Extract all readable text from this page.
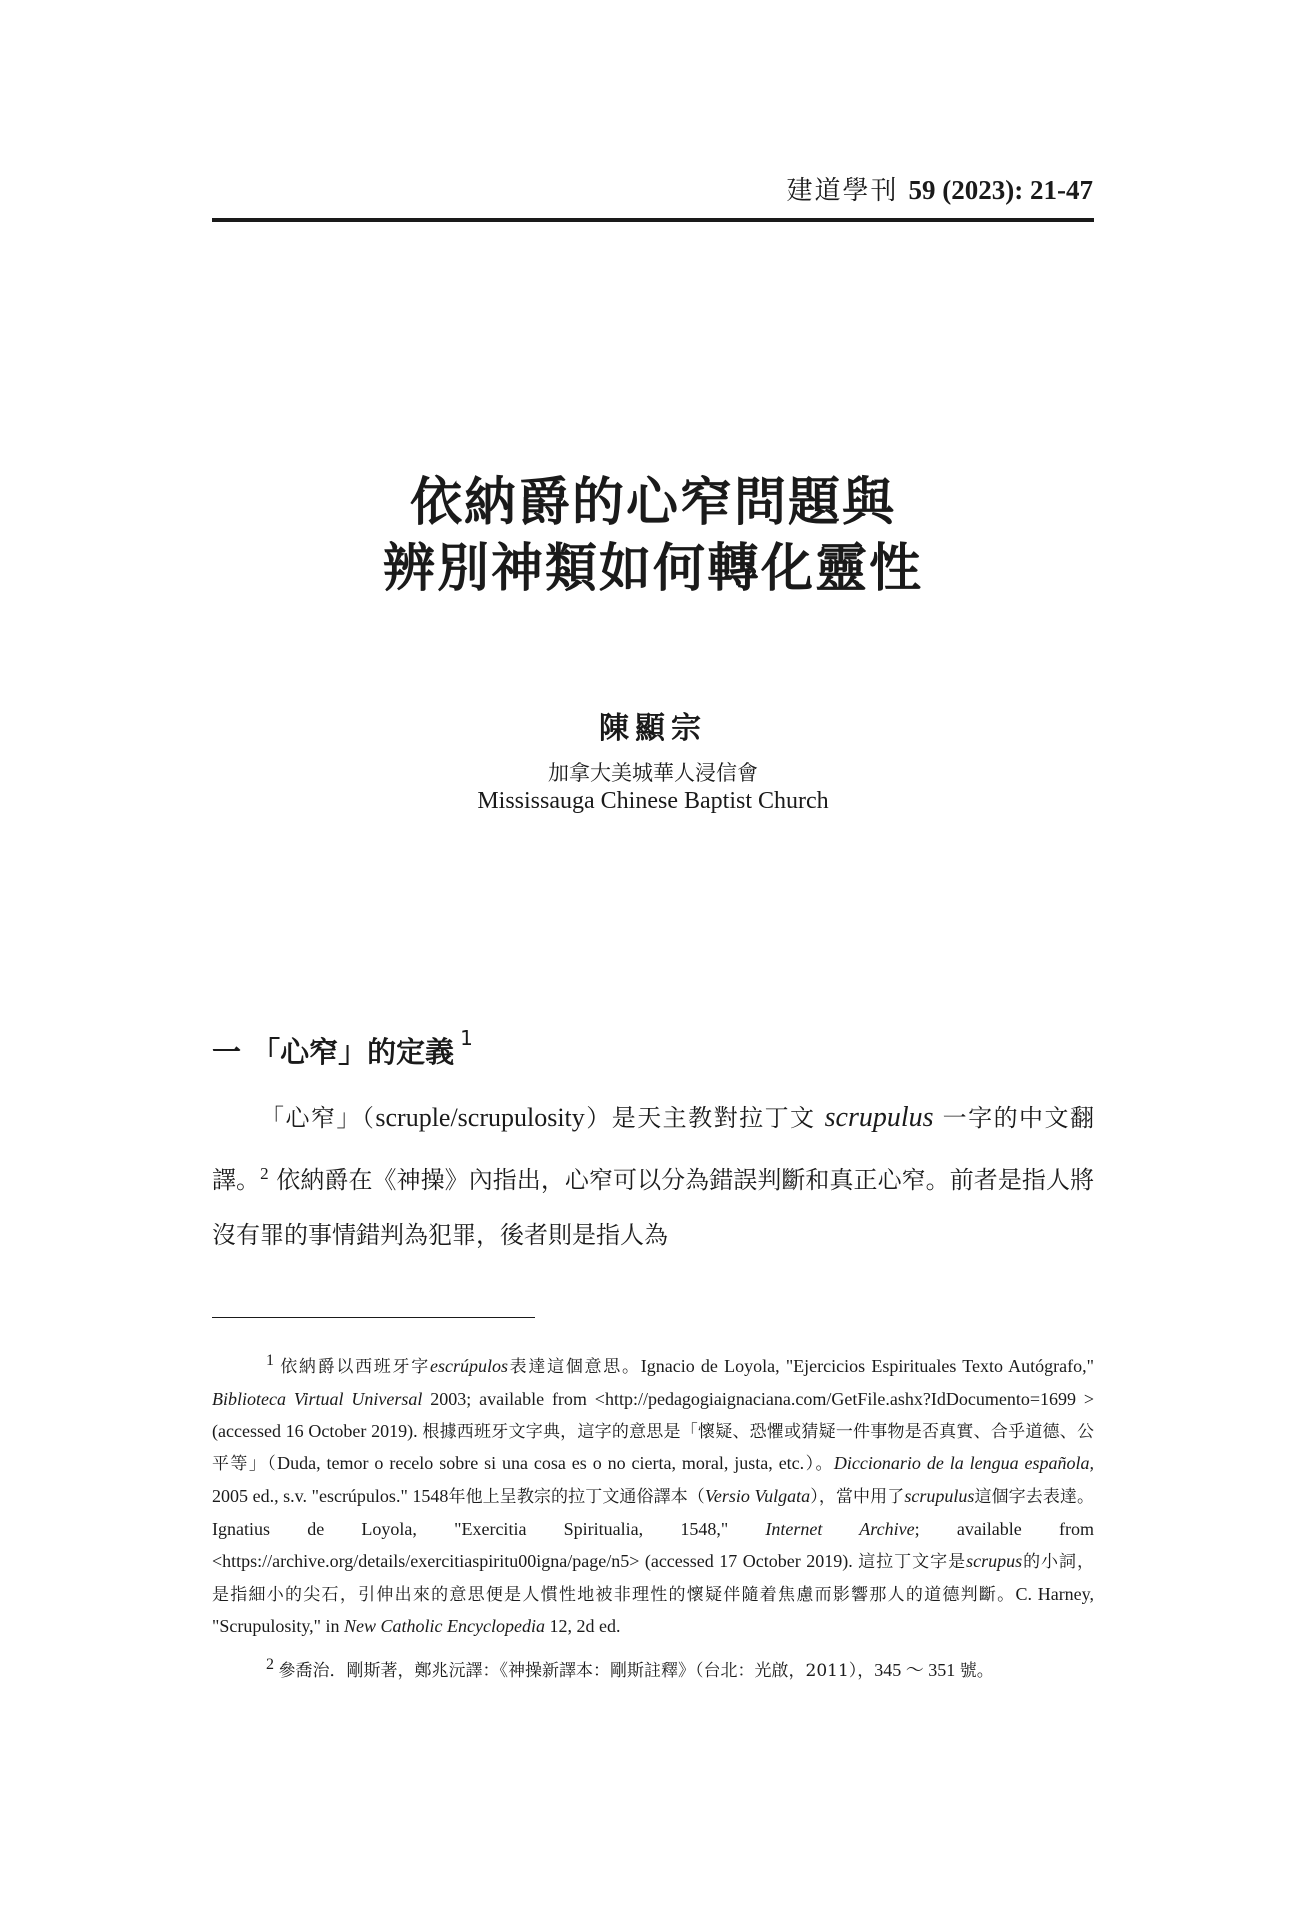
建道學刊 59 (2023): 21-47
依納爵的心窄問題與
辨別神類如何轉化靈性
陳顯宗
加拿大美城華人浸信會
Mississauga Chinese Baptist Church
一 「心窄」的定義 $^1$

「心窄」（scruple/scrupulosity）是天主教對拉丁文 scrupulus 一字的中文翻譯。$^2$ 依納爵在《神操》內指出，心窄可以分為錯誤判斷和真正心窄。前者是指人將沒有罪的事情錯判為犯罪，後者則是指人為

$^1$ 依納爵以西班牙字escrúpulos表達這個意思。Ignacio de Loyola, "Ejercicios Espirituales Texto Autógrafo," Biblioteca Virtual Universal 2003; available from <http://pedagogiaignaciana.com/GetFile.ashx?IdDocumento=1699 > (accessed 16 October 2019). 根據西班牙文字典，這字的意思是「懷疑、恐懼或猜疑一件事物是否真實、合乎道德、公平等」（Duda, temor o recelo sobre si una cosa es o no cierta, moral, justa, etc.）。Diccionario de la lengua española, 2005 ed., s.v. "escrúpulos." 1548年他上呈教宗的拉丁文通俗譯本（Versio Vulgata），當中用了scrupulus這個字去表達。Ignatius de Loyola, "Exercitia Spiritualia, 1548," Internet Archive; available from <https://archive.org/details/exercitiaspiritu00igna/page/n5> (accessed 17 October 2019). 這拉丁文字是scrupus的小詞，是指細小的尖石，引伸出來的意思便是人慣性地被非理性的懷疑伴隨着焦慮而影響那人的道德判斷。C. Harney, "Scrupulosity," in New Catholic Encyclopedia 12, 2d ed.

$^2$ 參喬治．剛斯著，鄭兆沅譯：《神操新譯本：剛斯註釋》（台北：光啟，2011），345 ～ 351 號。
